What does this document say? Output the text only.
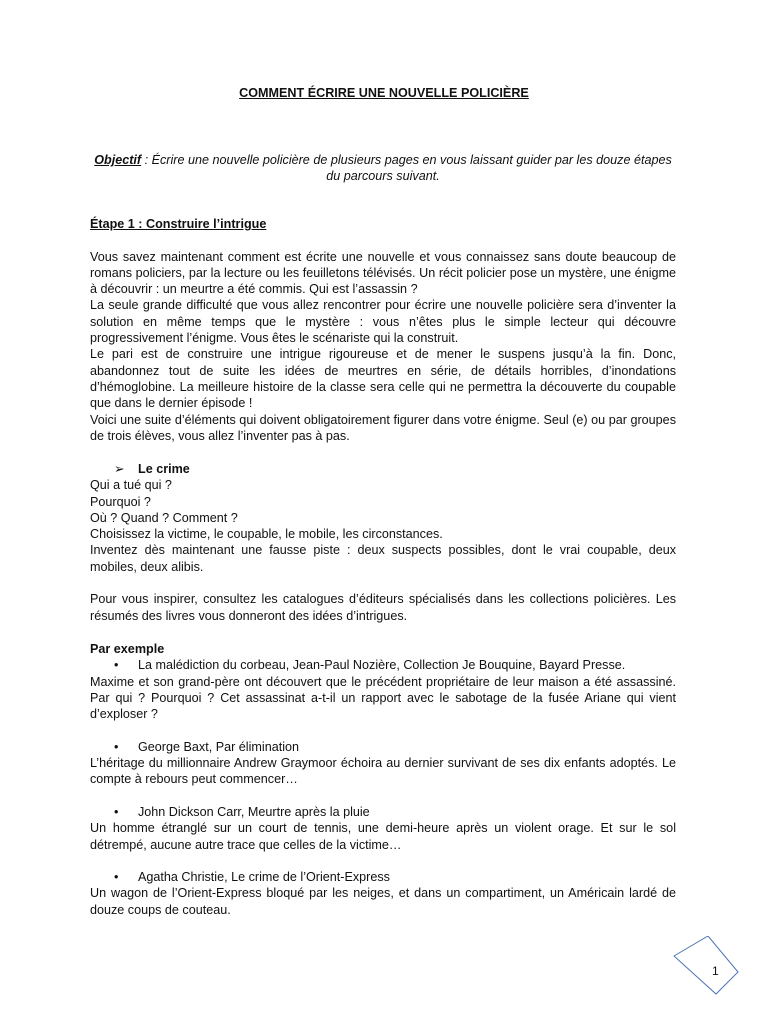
COMMENT ÉCRIRE UNE NOUVELLE POLICIÈRE
Objectif : Écrire une nouvelle policière de plusieurs pages en vous laissant guider par les douze étapes
du parcours suivant.

Étape 1 : Construire l’intrigue

Vous savez maintenant comment est écrite une nouvelle et vous connaissez sans doute beaucoup de romans policiers, par la lecture ou les feuilletons télévisés. Un récit policier pose un mystère, une énigme à découvrir : un meurtre a été commis. Qui est l’assassin ?

La seule grande difficulté que vous allez rencontrer pour écrire une nouvelle policière sera d’inventer la solution en même temps que le mystère : vous n’êtes plus le simple lecteur qui découvre progressivement l’énigme. Vous êtes le scénariste qui la construit.

Le pari est de construire une intrigue rigoureuse et de mener le suspens jusqu’à la fin. Donc, abandonnez tout de suite les idées de meurtres en série, de détails horribles, d’inondations d’hémoglobine. La meilleure histoire de la classe sera celle qui ne permettra la découverte du coupable que dans le dernier épisode !

Voici une suite d’éléments qui doivent obligatoirement figurer dans votre énigme. Seul (e) ou par groupes de trois élèves, vous allez l’inventer pas à pas.

➢ Le crime

Qui a tué qui ?

Pourquoi ?

Où ? Quand ? Comment ?

Choisissez la victime, le coupable, le mobile, les circonstances.

Inventez dès maintenant une fausse piste : deux suspects possibles, dont le vrai coupable, deux mobiles, deux alibis.

Pour vous inspirer, consultez les catalogues d’éditeurs spécialisés dans les collections policières. Les résumés des livres vous donneront des idées d’intrigues.

Par exemple

• La malédiction du corbeau, Jean-Paul Nozière, Collection Je Bouquine, Bayard Presse.

Maxime et son grand-père ont découvert que le précédent propriétaire de leur maison a été assassiné. Par qui ? Pourquoi ? Cet assassinat a-t-il un rapport avec le sabotage de la fusée Ariane qui vient d’exploser ?

• George Baxt, Par élimination

L’héritage du millionnaire Andrew Graymoor échoira au dernier survivant de ses dix enfants adoptés. Le compte à rebours peut commencer…

• John Dickson Carr, Meurtre après la pluie

Un homme étranglé sur un court de tennis, une demi-heure après un violent orage. Et sur le sol détrempé, aucune autre trace que celles de la victime…

• Agatha Christie, Le crime de l’Orient-Express

Un wagon de l’Orient-Express bloqué par les neiges, et dans un compartiment, un Américain lardé de douze coups de couteau.

1
